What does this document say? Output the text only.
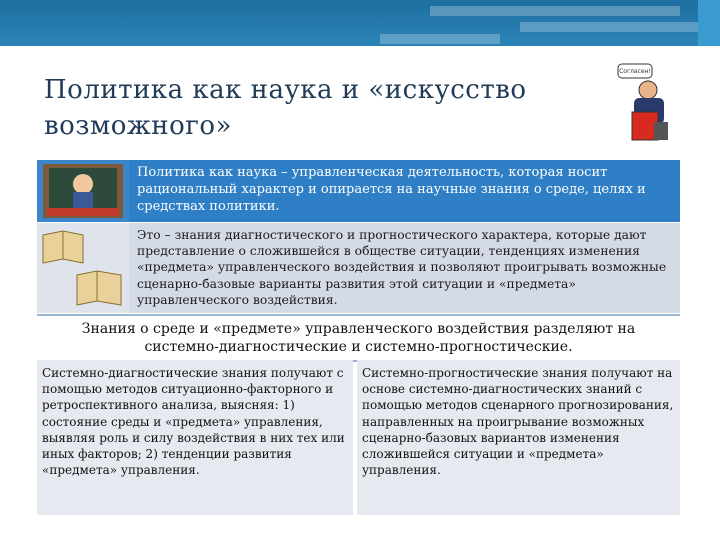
Политика как наука и «искусство возможного»
Согласен!
Политика как наука – управленческая деятельность, которая носит рациональный характер и опирается на научные знания о среде, целях и средствах политики.
Это – знания диагностического и прогностического характера, которые дают представление о сложившейся в обществе ситуации, тенденциях изменения «предмета» управленческого воздействия и позволяют проигрывать возможные сценарно-базовые варианты развития этой ситуации и «предмета» управленческого воздействия.
Знания о среде и «предмете» управленческого воздействия разделяют на системно-диагностические и системно-прогностические.
Системно-диагностические знания получают с помощью методов ситуационно-факторного и ретроспективного анализа, выясняя: 1) состояние среды и «предмета» управления, выявляя роль и силу воздействия в них тех или иных факторов; 2) тенденции развития «предмета» управления.
Системно-прогностические знания получают на основе системно-диагностических знаний с помощью методов сценарного прогнозирования, направленных на проигрывание возможных сценарно-базовых вариантов изменения сложившейся ситуации и «предмета» управления.
